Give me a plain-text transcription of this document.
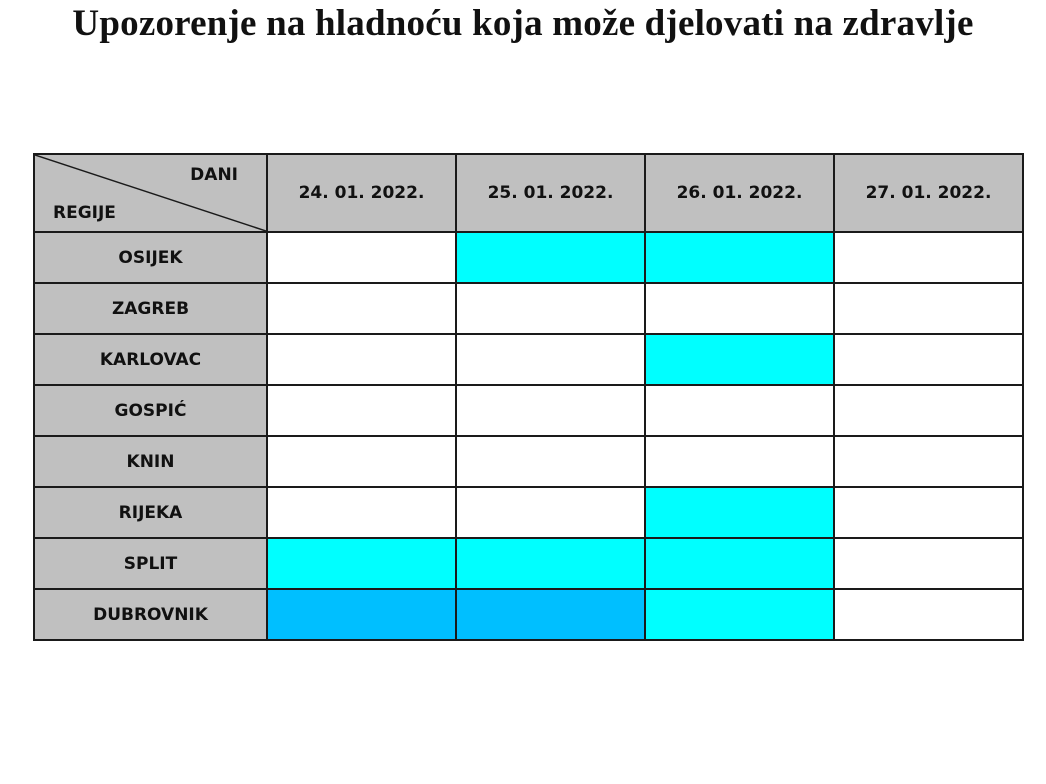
Upozorenje na hladnoću koja može djelovati na zdravlje
DANI
REGIJE	24. 01. 2022.	25. 01. 2022.	26. 01. 2022.	27. 01. 2022.
OSIJEK				
ZAGREB				
KARLOVAC				
GOSPIĆ				
KNIN				
RIJEKA				
SPLIT				
DUBROVNIK				
